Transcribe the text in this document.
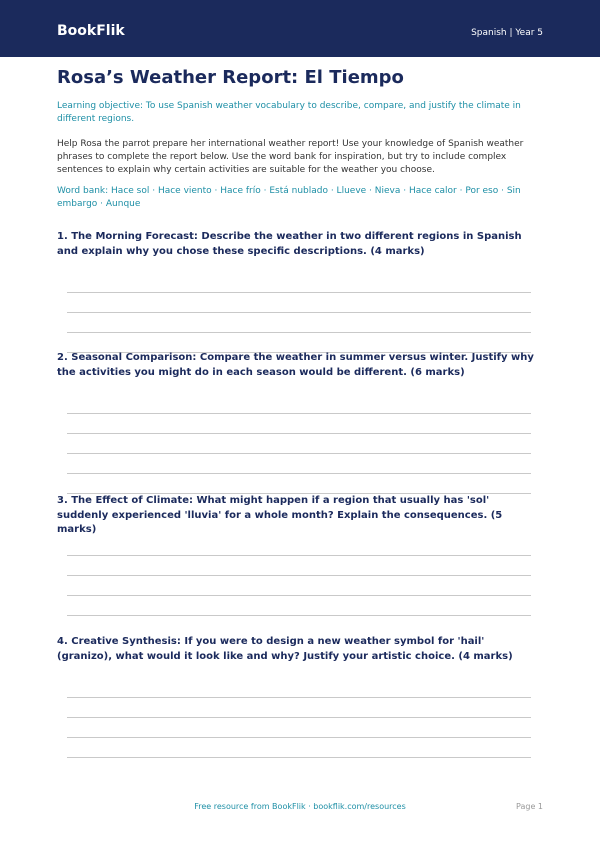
BookFlik	Spanish | Year 5
Rosa’s Weather Report: El Tiempo
Learning objective: To use Spanish weather vocabulary to describe, compare, and justify the climate in different regions.
Help Rosa the parrot prepare her international weather report! Use your knowledge of Spanish weather phrases to complete the report below. Use the word bank for inspiration, but try to include complex sentences to explain why certain activities are suitable for the weather you choose.
Word bank: Hace sol · Hace viento · Hace frío · Está nublado · Llueve · Nieva · Hace calor · Por eso · Sin embargo · Aunque
1. The Morning Forecast: Describe the weather in two different regions in Spanish and explain why you chose these specific descriptions. (4 marks)
2. Seasonal Comparison: Compare the weather in summer versus winter. Justify why the activities you might do in each season would be different. (6 marks)
3. The Effect of Climate: What might happen if a region that usually has 'sol' suddenly experienced 'lluvia' for a whole month? Explain the consequences. (5 marks)
4. Creative Synthesis: If you were to design a new weather symbol for 'hail' (granizo), what would it look like and why? Justify your artistic choice. (4 marks)
Free resource from BookFlik · bookflik.com/resources	Page 1
